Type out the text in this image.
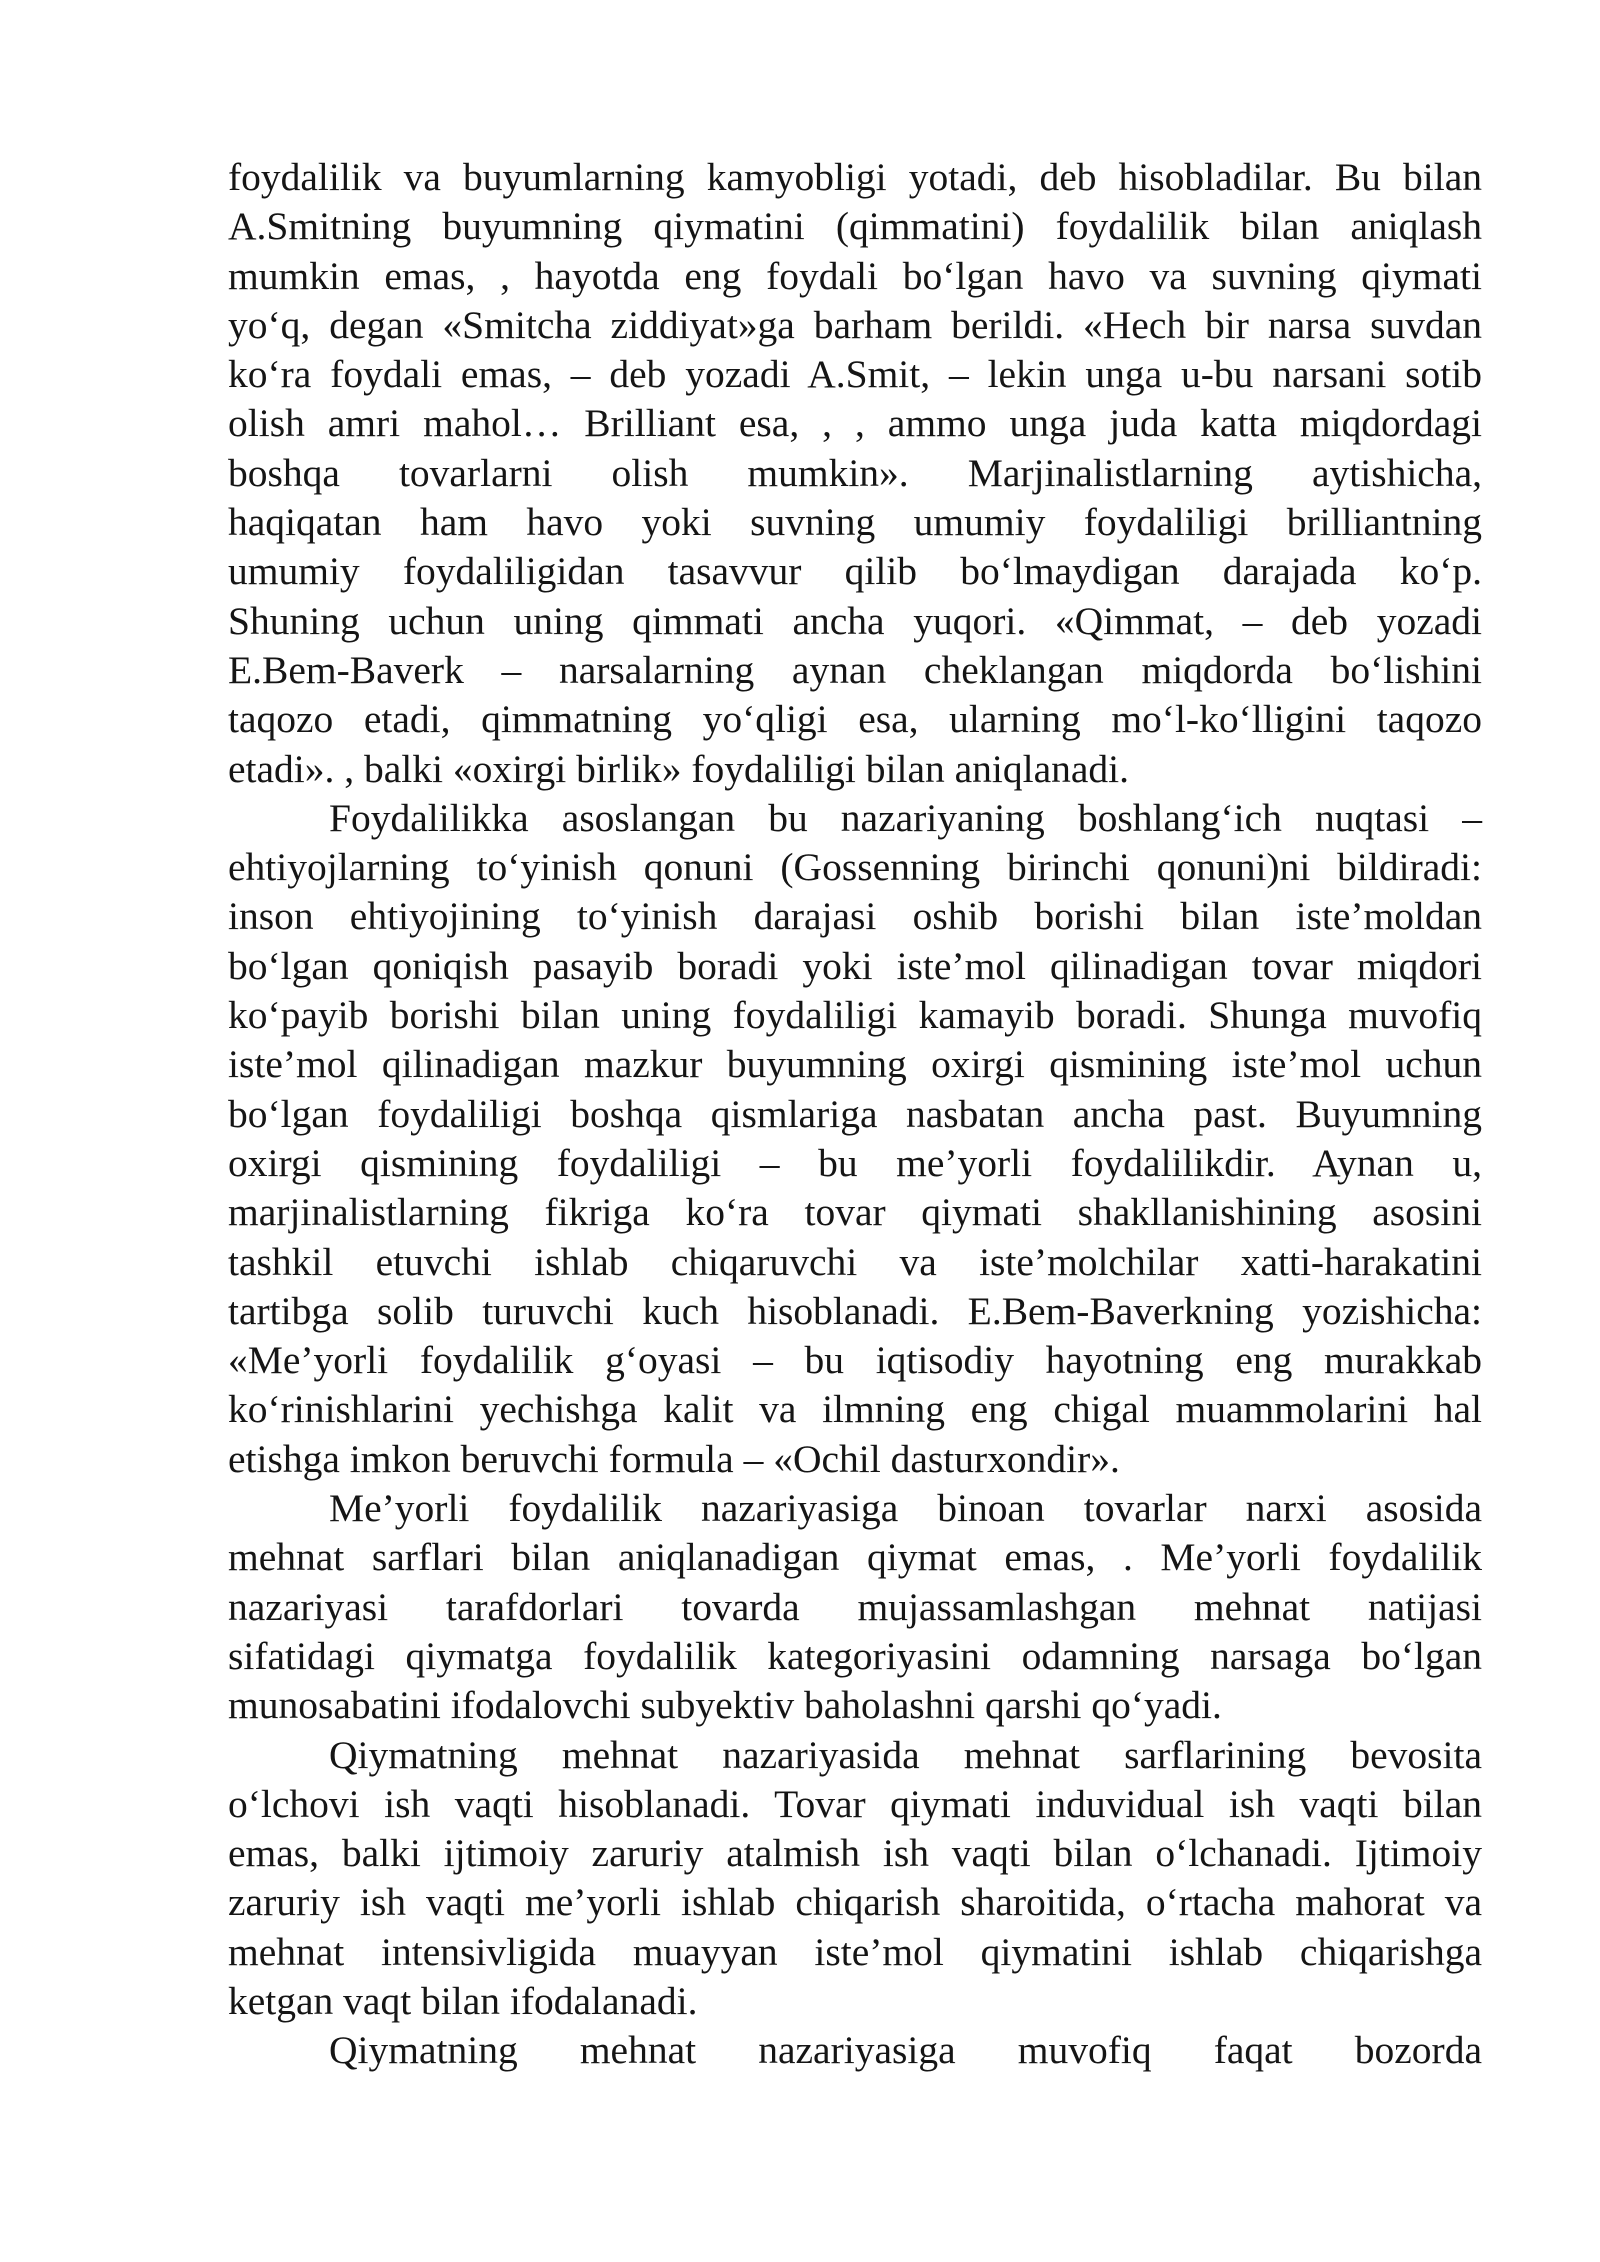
foydalilik va buyumlarning kamyobligi yotadi, deb hisobladilar. Bu bilan
A.Smitning buyumning qiymatini (qimmatini) foydalilik bilan aniqlash
mumkin emas, , hayotda eng foydali bo‘lgan havo va suvning qiymati
yo‘q, degan «Smitcha ziddiyat»ga barham berildi. «Hech bir narsa suvdan
ko‘ra foydali emas, – deb yozadi A.Smit, – lekin unga u-bu narsani sotib
olish amri mahol… Brilliant esa, , , ammo unga juda katta miqdordagi
boshqa tovarlarni olish mumkin». Marjinalistlarning aytishicha,
haqiqatan ham havo yoki suvning umumiy foydaliligi brilliantning
umumiy foydaliligidan tasavvur qilib bo‘lmaydigan darajada ko‘p.
Shuning uchun uning qimmati ancha yuqori. «Qimmat, – deb yozadi
E.Bem-Baverk – narsalarning aynan cheklangan miqdorda bo‘lishini
taqozo etadi, qimmatning yo‘qligi esa, ularning mo‘l-ko‘lligini taqozo
etadi». , balki «oxirgi birlik» foydaliligi bilan aniqlanadi.
Foydalilikka asoslangan bu nazariyaning boshlang‘ich nuqtasi –
ehtiyojlarning to‘yinish qonuni (Gossenning birinchi qonuni)ni bildiradi:
inson ehtiyojining to‘yinish darajasi oshib borishi bilan iste’moldan
bo‘lgan qoniqish pasayib boradi yoki iste’mol qilinadigan tovar miqdori
ko‘payib borishi bilan uning foydaliligi kamayib boradi. Shunga muvofiq
iste’mol qilinadigan mazkur buyumning oxirgi qismining iste’mol uchun
bo‘lgan foydaliligi boshqa qismlariga nasbatan ancha past. Buyumning
oxirgi qismining foydaliligi – bu me’yorli foydalilikdir. Aynan u,
marjinalistlarning fikriga ko‘ra tovar qiymati shakllanishining asosini
tashkil etuvchi ishlab chiqaruvchi va iste’molchilar xatti-harakatini
tartibga solib turuvchi kuch hisoblanadi. E.Bem-Baverkning yozishicha:
«Me’yorli foydalilik g‘oyasi – bu iqtisodiy hayotning eng murakkab
ko‘rinishlarini yechishga kalit va ilmning eng chigal muammolarini hal
etishga imkon beruvchi formula – «Ochil dasturxondir».
Me’yorli foydalilik nazariyasiga binoan tovarlar narxi asosida
mehnat sarflari bilan aniqlanadigan qiymat emas, . Me’yorli foydalilik
nazariyasi tarafdorlari tovarda mujassamlashgan mehnat natijasi
sifatidagi qiymatga foydalilik kategoriyasini odamning narsaga bo‘lgan
munosabatini ifodalovchi subyektiv baholashni qarshi qo‘yadi.
Qiymatning mehnat nazariyasida mehnat sarflarining bevosita
o‘lchovi ish vaqti hisoblanadi. Tovar qiymati induvidual ish vaqti bilan
emas, balki ijtimoiy zaruriy atalmish ish vaqti bilan o‘lchanadi. Ijtimoiy
zaruriy ish vaqti me’yorli ishlab chiqarish sharoitida, o‘rtacha mahorat va
mehnat intensivligida muayyan iste’mol qiymatini ishlab chiqarishga
ketgan vaqt bilan ifodalanadi.
Qiymatning mehnat nazariyasiga muvofiq faqat bozorda
